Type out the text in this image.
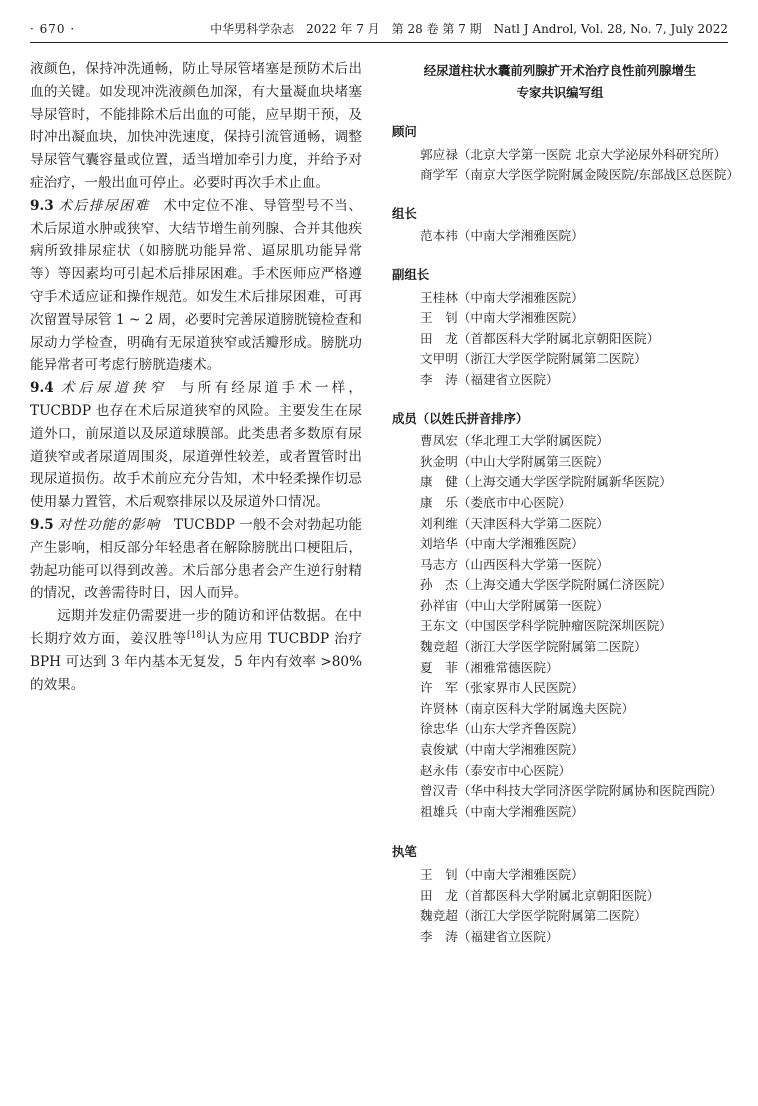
· 670 ·	中华男科学杂志　2022 年 7 月　第 28 卷 第 7 期　Natl J Androl, Vol. 28, No. 7, July 2022

液颜色，保持冲洗通畅，防止导尿管堵塞是预防术后出血的关键。如发现冲洗液颜色加深，有大量凝血块堵塞导尿管时，不能排除术后出血的可能，应早期干预，及时冲出凝血块，加快冲洗速度，保持引流管通畅，调整导尿管气囊容量或位置，适当增加牵引力度，并给予对症治疗，一般出血可停止。必要时再次手术止血。

9.3 术后排尿困难 术中定位不准、导管型号不当、术后尿道水肿或狭窄、大结节增生前列腺、合并其他疾病所致排尿症状（如膀胱功能异常、逼尿肌功能异常等）等因素均可引起术后排尿困难。手术医师应严格遵守手术适应证和操作规范。如发生术后排尿困难，可再次留置导尿管 1 ~ 2 周，必要时完善尿道膀胱镜检查和尿动力学检查，明确有无尿道狭窄或活瓣形成。膀胱功能异常者可考虑行膀胱造瘘术。

9.4 术后尿道狭窄 与所有经尿道手术一样，TUCBDP 也存在术后尿道狭窄的风险。主要发生在尿道外口，前尿道以及尿道球膜部。此类患者多数原有尿道狭窄或者尿道周围炎，尿道弹性较差，或者置管时出现尿道损伤。故手术前应充分告知，术中轻柔操作切忌使用暴力置管，术后观察排尿以及尿道外口情况。

9.5 对性功能的影响 TUCBDP 一般不会对勃起功能产生影响，相反部分年轻患者在解除膀胱出口梗阻后，勃起功能可以得到改善。术后部分患者会产生逆行射精的情况，改善需待时日，因人而异。

远期并发症仍需要进一步的随访和评估数据。在中长期疗效方面，姜汉胜等[18]认为应用 TUCBDP 治疗 BPH 可达到 3 年内基本无复发，5 年内有效率 >80% 的效果。

经尿道柱状水囊前列腺扩开术治疗良性前列腺增生
专家共识编写组
顾问
郭应禄（北京大学第一医院 北京大学泌尿外科研究所）
商学军（南京大学医学院附属金陵医院/东部战区总医院）
组长
范本祎（中南大学湘雅医院）
副组长
王桂林（中南大学湘雅医院）
王　钊（中南大学湘雅医院）
田　龙（首都医科大学附属北京朝阳医院）
文甲明（浙江大学医学院附属第二医院）
李　涛（福建省立医院）
成员（以姓氏拼音排序）
曹凤宏（华北理工大学附属医院）
狄金明（中山大学附属第三医院）
康　健（上海交通大学医学院附属新华医院）
康　乐（娄底市中心医院）
刘利维（天津医科大学第二医院）
刘培华（中南大学湘雅医院）
马志方（山西医科大学第一医院）
孙　杰（上海交通大学医学院附属仁济医院）
孙祥宙（中山大学附属第一医院）
王东文（中国医学科学院肿瘤医院深圳医院）
魏竞超（浙江大学医学院附属第二医院）
夏　菲（湘雅常德医院）
许　军（张家界市人民医院）
许贤林（南京医科大学附属逸夫医院）
徐忠华（山东大学齐鲁医院）
袁俊斌（中南大学湘雅医院）
赵永伟（泰安市中心医院）
曾汉青（华中科技大学同济医学院附属协和医院西院）
祖雄兵（中南大学湘雅医院）
执笔
王　钊（中南大学湘雅医院）
田　龙（首都医科大学附属北京朝阳医院）
魏竞超（浙江大学医学院附属第二医院）
李　涛（福建省立医院）
